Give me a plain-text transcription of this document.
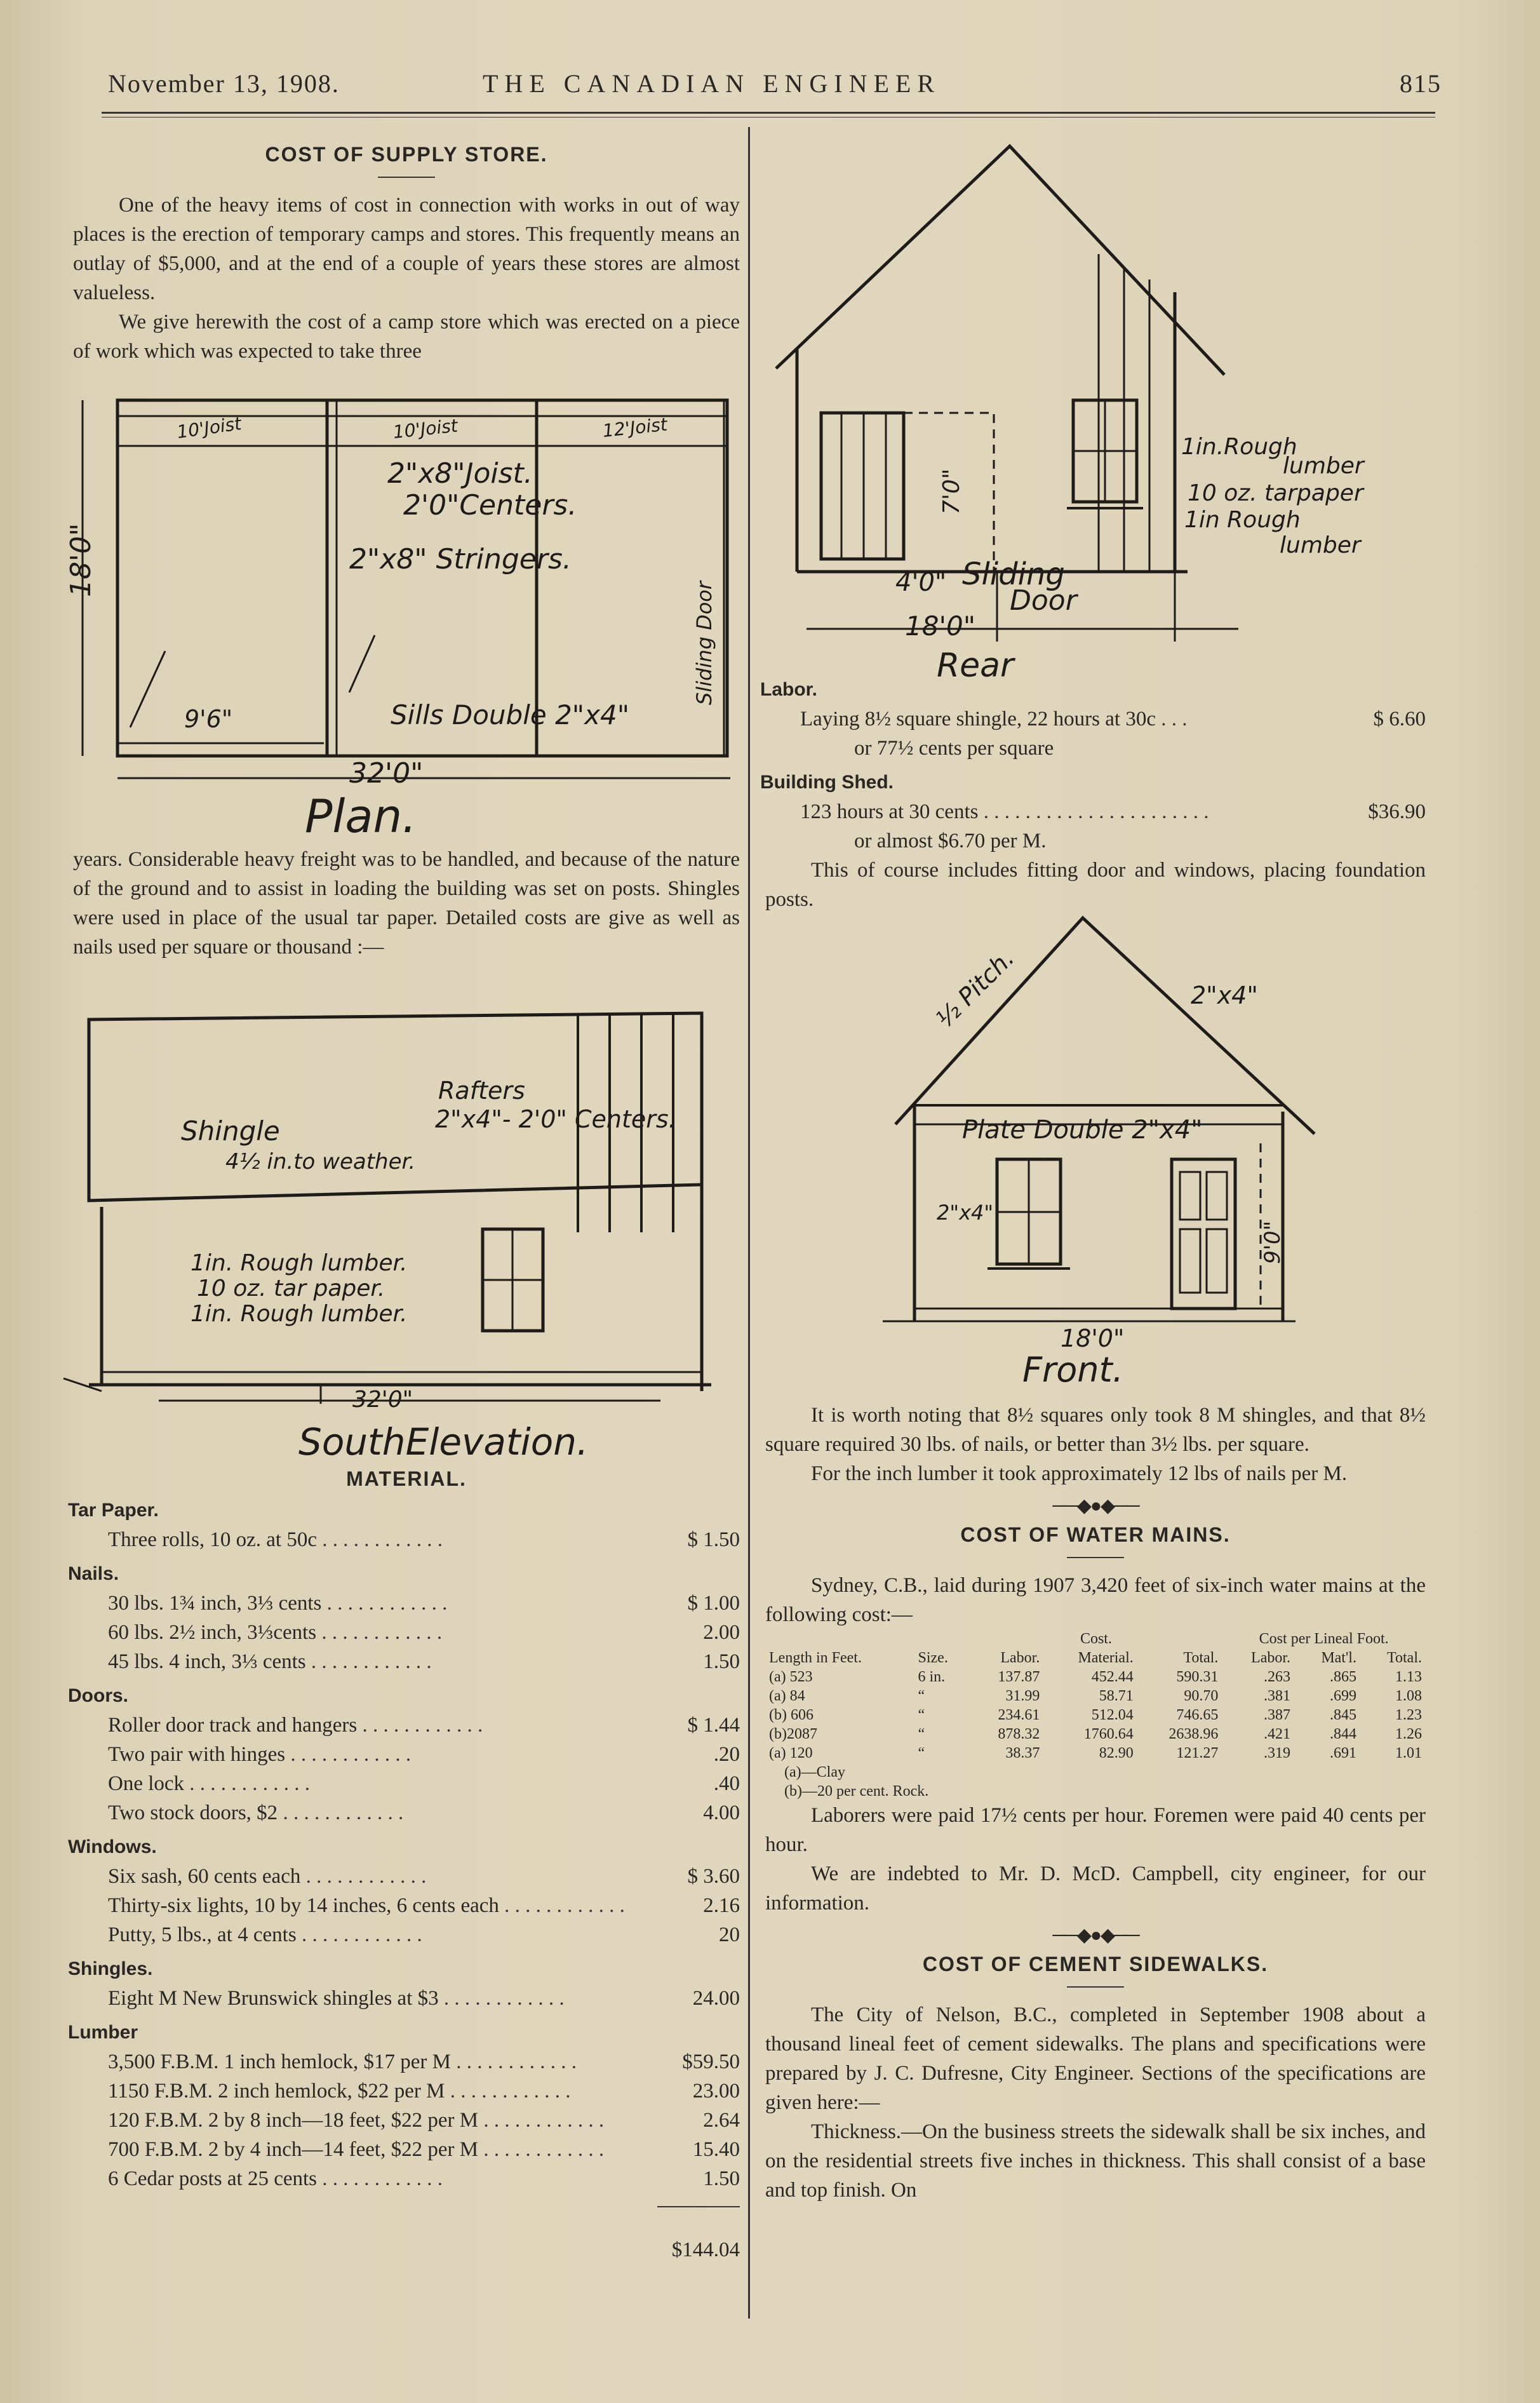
November 13, 1908.	THE CANADIAN ENGINEER	815
COST OF SUPPLY STORE.

One of the heavy items of cost in connection with works in out of way places is the erection of temporary camps and stores. This frequently means an outlay of $5,000, and at the end of a couple of years these stores are almost valueless.

We give herewith the cost of a camp store which was erected on a piece of work which was expected to take three

10'Joist	10'Joist	12'Joist
2"x8"Joist.
2'0"Centers.
2"x8" Stringers.
18'0"
9'6"	Sills Double 2"x4"
Sliding Door
32'0"
Plan.

years. Considerable heavy freight was to be handled, and because of the nature of the ground and to assist in loading the building was set on posts. Shingles were used in place of the usual tar paper. Detailed costs are give as well as nails used per square or thousand :—

Rafters
2"x4"- 2'0" Centers.
Shingle
4½ in.to weather.
1in. Rough lumber.
10 oz. tar paper.
1in. Rough lumber.
32'0"
SouthElevation.
MATERIAL.
Tar Paper.
Three rolls, 10 oz. at 50c . . . . . . . . . . . .	$ 1.50
Nails.
30 lbs. 1¾ inch, 3⅓ cents . . . . . . . . . . . .	$ 1.00
60 lbs. 2½ inch, 3⅓cents . . . . . . . . . . . .	2.00
45 lbs. 4 inch, 3⅓ cents . . . . . . . . . . . .	1.50
Doors.
Roller door track and hangers . . . . . . . . . . . .	$ 1.44
Two pair with hinges . . . . . . . . . . . .	.20
One lock . . . . . . . . . . . .	.40
Two stock doors, $2 . . . . . . . . . . . .	4.00
Windows.
Six sash, 60 cents each . . . . . . . . . . . .	$ 3.60
Thirty-six lights, 10 by 14 inches, 6 cents each . . . . . . . . . . . .	2.16
Putty, 5 lbs., at 4 cents . . . . . . . . . . . .	20
Shingles.
Eight M New Brunswick shingles at $3 . . . . . . . . . . . .	24.00
Lumber
3,500 F.B.M. 1 inch hemlock, $17 per M . . . . . . . . . . . .	$59.50
1150 F.B.M. 2 inch hemlock, $22 per M . . . . . . . . . . . .	23.00
120 F.B.M. 2 by 8 inch—18 feet, $22 per M . . . . . . . . . . . .	2.64
700 F.B.M. 2 by 4 inch—14 feet, $22 per M . . . . . . . . . . . .	15.40
6 Cedar posts at 25 cents . . . . . . . . . . . .	1.50
$144.04
4'0"
7'0"
Sliding
Door
18'0"
1in.Rough
lumber
10 oz. tarpaper
1in Rough
lumber
Rear
Labor.
Laying 8½ square shingle, 22 hours at 30c . . .	$ 6.60
or 77½ cents per square
Building Shed.
123 hours at 30 cents . . . . . . . . . . . . . . . . . . . . . .	$36.90
or almost $6.70 per M.

This of course includes fitting door and windows, placing foundation posts.

½ Pitch.	2"x4"
Plate Double 2"x4"
2"x4"
9'0"
18'0"
Front.

It is worth noting that 8½ squares only took 8 M shingles, and that 8½ square required 30 lbs. of nails, or better than 3½ lbs. per square.

For the inch lumber it took approximately 12 lbs of nails per M.

──◆●◆──
COST OF WATER MAINS.

Sydney, C.B., laid during 1907 3,420 feet of six-inch water mains at the following cost:—

Length in Feet.	Size.	Cost.			Cost per Lineal Foot.		
		Labor.	Material.	Total.	Labor.	Mat'l.	Total.
(a) 523	6 in.	137.87	452.44	590.31	.263	.865	1.13
(a) 84	“	31.99	58.71	90.70	.381	.699	1.08
(b) 606	“	234.61	512.04	746.65	.387	.845	1.23
(b)2087	“	878.32	1760.64	2638.96	.421	.844	1.26
(a) 120	“	38.37	82.90	121.27	.319	.691	1.01
(a)—Clay
(b)—20 per cent. Rock.

Laborers were paid 17½ cents per hour. Foremen were paid 40 cents per hour.

We are indebted to Mr. D. McD. Campbell, city engineer, for our information.

──◆●◆──
COST OF CEMENT SIDEWALKS.

The City of Nelson, B.C., completed in September 1908 about a thousand lineal feet of cement sidewalks. The plans and specifications were prepared by J. C. Dufresne, City Engineer. Sections of the specifications are given here:—

Thickness.—On the business streets the sidewalk shall be six inches, and on the residential streets five inches in thickness. This shall consist of a base and top finish. On
